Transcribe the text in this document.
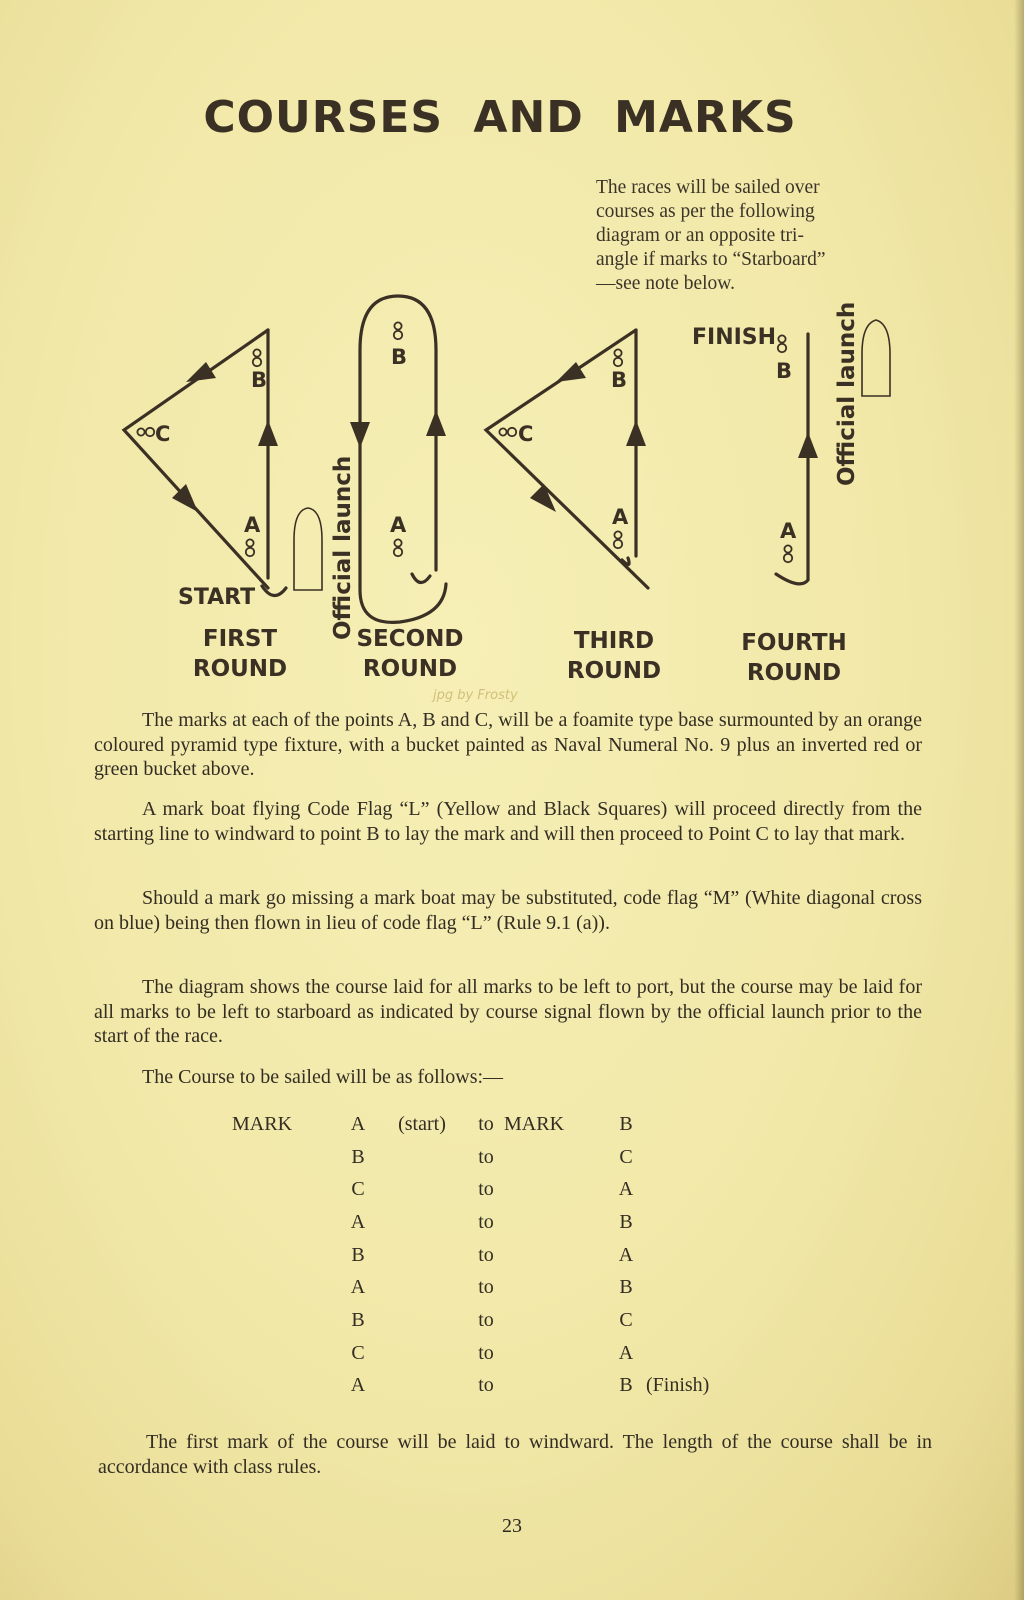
COURSES AND MARKS
The races will be sailed over
courses as per the following
diagram or an opposite tri-
angle if marks to “Starboard”
—see note below.
B
C
A
B
A
B
C
A
B
A
START
FINISH
Official launch
Official launch
FIRST
ROUND
SECOND
ROUND
THIRD
ROUND
FOURTH
ROUND
jpg by Frosty

The marks at each of the points A, B and C, will be a foamite type base surmounted by an orange coloured pyramid type fixture, with a bucket painted as Naval Numeral No. 9 plus an inverted red or green bucket above.

A mark boat flying Code Flag “L” (Yellow and Black Squares) will proceed directly from the starting line to windward to point B to lay the mark and will then proceed to Point C to lay that mark.

Should a mark go missing a mark boat may be substituted, code flag “M” (White diagonal cross on blue) being then flown in lieu of code flag “L” (Rule 9.1 (a)).

The diagram shows the course laid for all marks to be left to port, but the course may be laid for all marks to be left to starboard as indicated by course signal flown by the official launch prior to the start of the race.

The Course to be sailed will be as follows:—

MARK	A	(start)	to	MARK	B	
	B		to		C	
	C		to		A	
	A		to		B	
	B		to		A	
	A		to		B	
	B		to		C	
	C		to		A	
	A		to		B	(Finish)

The first mark of the course will be laid to windward. The length of the course shall be in accordance with class rules.

23
